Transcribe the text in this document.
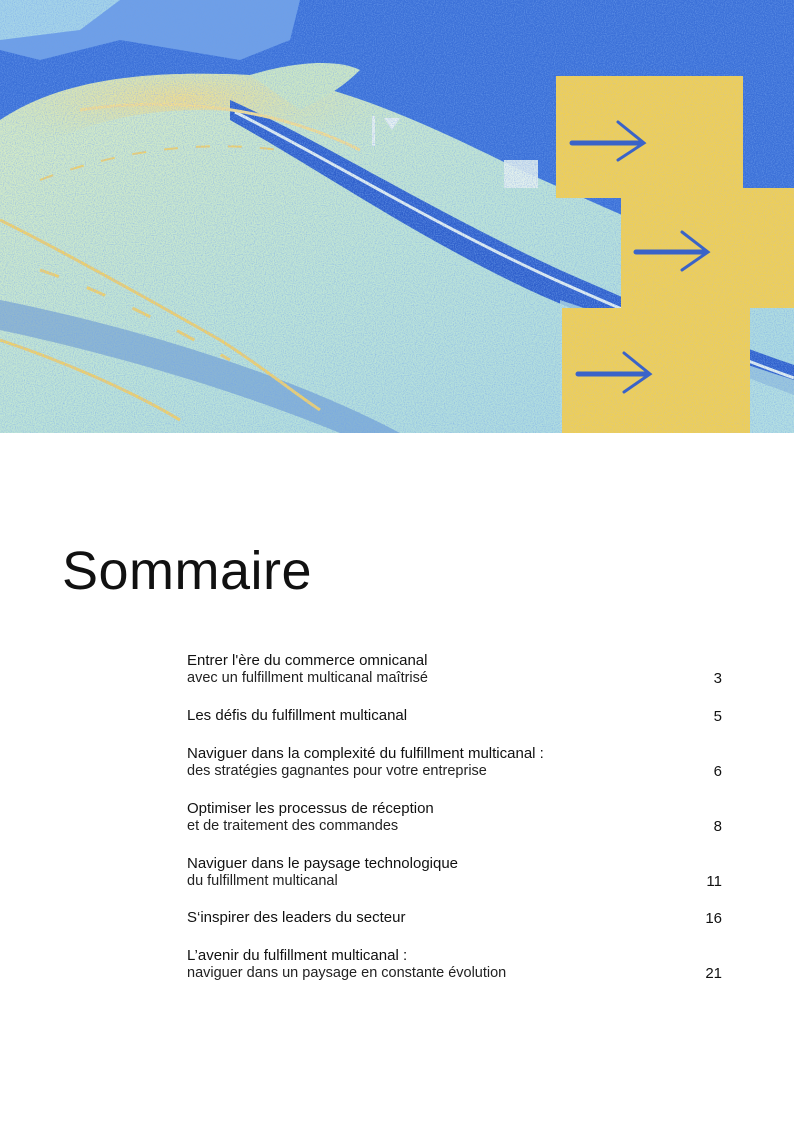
Sommaire
Entrer l'ère du commerce omnicanal
avec un fulfillment multicanal maîtrisé	3
Les défis du fulfillment multicanal	5
Naviguer dans la complexité du fulfillment multicanal :
des stratégies gagnantes pour votre entreprise	6
Optimiser les processus de réception
et de traitement des commandes	8
Naviguer dans le paysage technologique
du fulfillment multicanal	11
S‘inspirer des leaders du secteur	16
L’avenir du fulfillment multicanal :
naviguer dans un paysage en constante évolution	21
